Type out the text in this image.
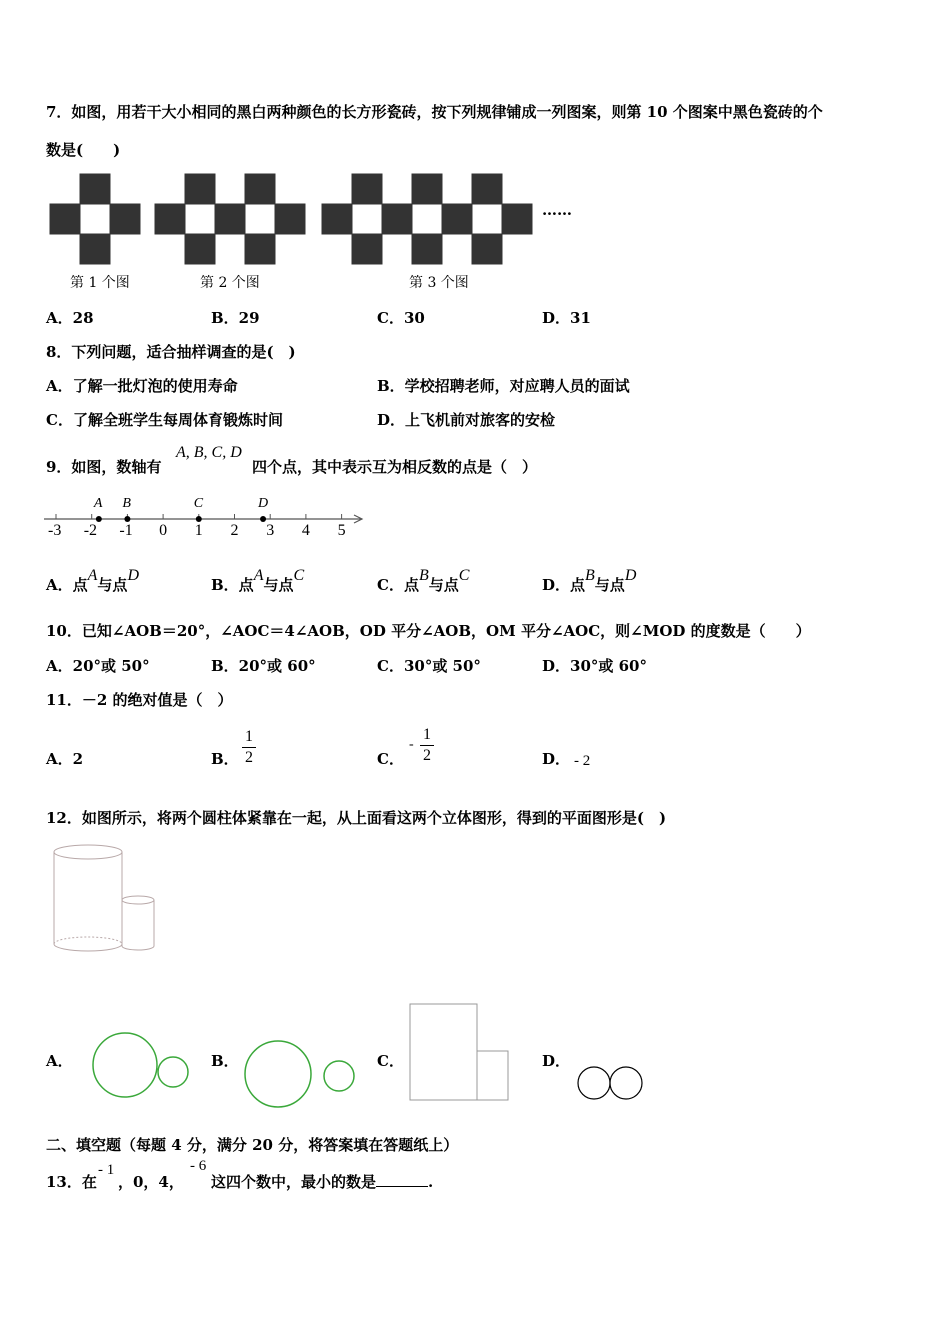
7．如图，用若干大小相同的黑白两种颜色的长方形瓷砖，按下列规律铺成一列图案，则第 10 个图案中黑色瓷砖的个
数是(　　)
……
第 1 个图	第 2 个图	第 3 个图
A．28	B．29	C．30	D．31
8．下列问题，适合抽样调查的是(　)
A．了解一批灯泡的使用寿命	B．学校招聘老师，对应聘人员的面试
C．了解全班学生每周体育锻炼时间	D．上飞机前对旅客的安检
9．如图，数轴有
A, B, C, D
四个点，其中表示互为相反数的点是（　）
-3 -2 -1 0 1 2 3 4 5
A B	C	D
A．点A与点D
B．点A与点C
C．点B与点C
D．点B与点D
10．已知∠AOB＝20°，∠AOC＝4∠AOB，OD 平分∠AOB，OM 平分∠AOC，则∠MOD 的度数是（　　）
A．20°或 50°	B．20°或 60°	C．30°或 50°	D．30°或 60°
11．－2 的绝对值是（　）
A．2	B．
1
2	C．
-
1
2	D． - 2
12．如图所示，将两个圆柱体紧靠在一起，从上面看这两个立体图形，得到的平面图形是(　)
A．	B．	C．	D．
二、填空题（每题 4 分，满分 20 分，将答案填在答题纸上）
13．在
- 1
，0，4，
- 6
这四个数中，最小的数是	.
